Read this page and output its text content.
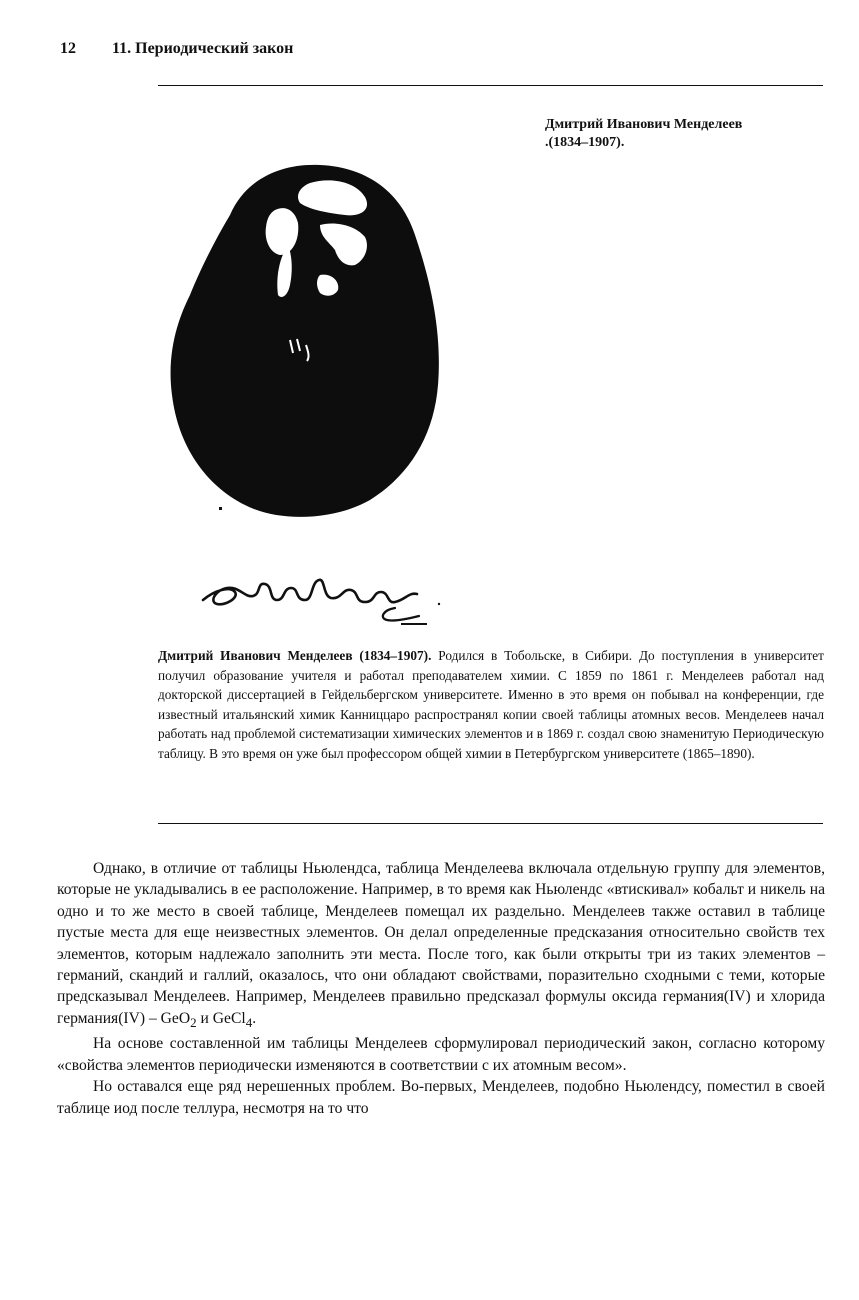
12 11. Периодический закон
Дмитрий Иванович Менделеев
.(1834–1907).
Дмитрий Иванович Менделеев (1834–1907). Родился в Тобольске, в Сибири. До поступления в университет получил образование учителя и работал преподавателем химии. С 1859 по 1861 г. Менделеев работал над докторской диссертацией в Гейдельбергском университете. Именно в это время он побывал на конференции, где известный итальянский химик Канниццаро распространял копии своей таблицы атомных весов. Менделеев начал работать над проблемой систематизации химических элементов и в 1869 г. создал свою знаменитую Периодическую таблицу. В это время он уже был профессором общей химии в Петербургском университете (1865–1890).

Однако, в отличие от таблицы Ньюлендса, таблица Менделеева включала отдельную группу для элементов, которые не укладывались в ее расположение. Например, в то время как Ньюлендс «втискивал» кобальт и никель на одно и то же место в своей таблице, Менделеев помещал их раздельно. Менделеев также оставил в таблице пустые места для еще неизвестных элементов. Он делал определенные предсказания относительно свойств тех элементов, которым надлежало заполнить эти места. После того, как были открыты три из таких элементов – германий, скандий и галлий, оказалось, что они обладают свойствами, поразительно сходными с теми, которые предсказывал Менделеев. Например, Менделеев правильно предсказал формулы оксида германия(IV) и хлорида германия(IV) – GeO$_2$ и GeCl$_4$.

На основе составленной им таблицы Менделеев сформулировал периодический закон, согласно которому «свойства элементов периодически изменяются в соответствии с их атомным весом».

Но оставался еще ряд нерешенных проблем. Во-первых, Менделеев, подобно Ньюлендсу, поместил в своей таблице иод после теллура, несмотря на то что
